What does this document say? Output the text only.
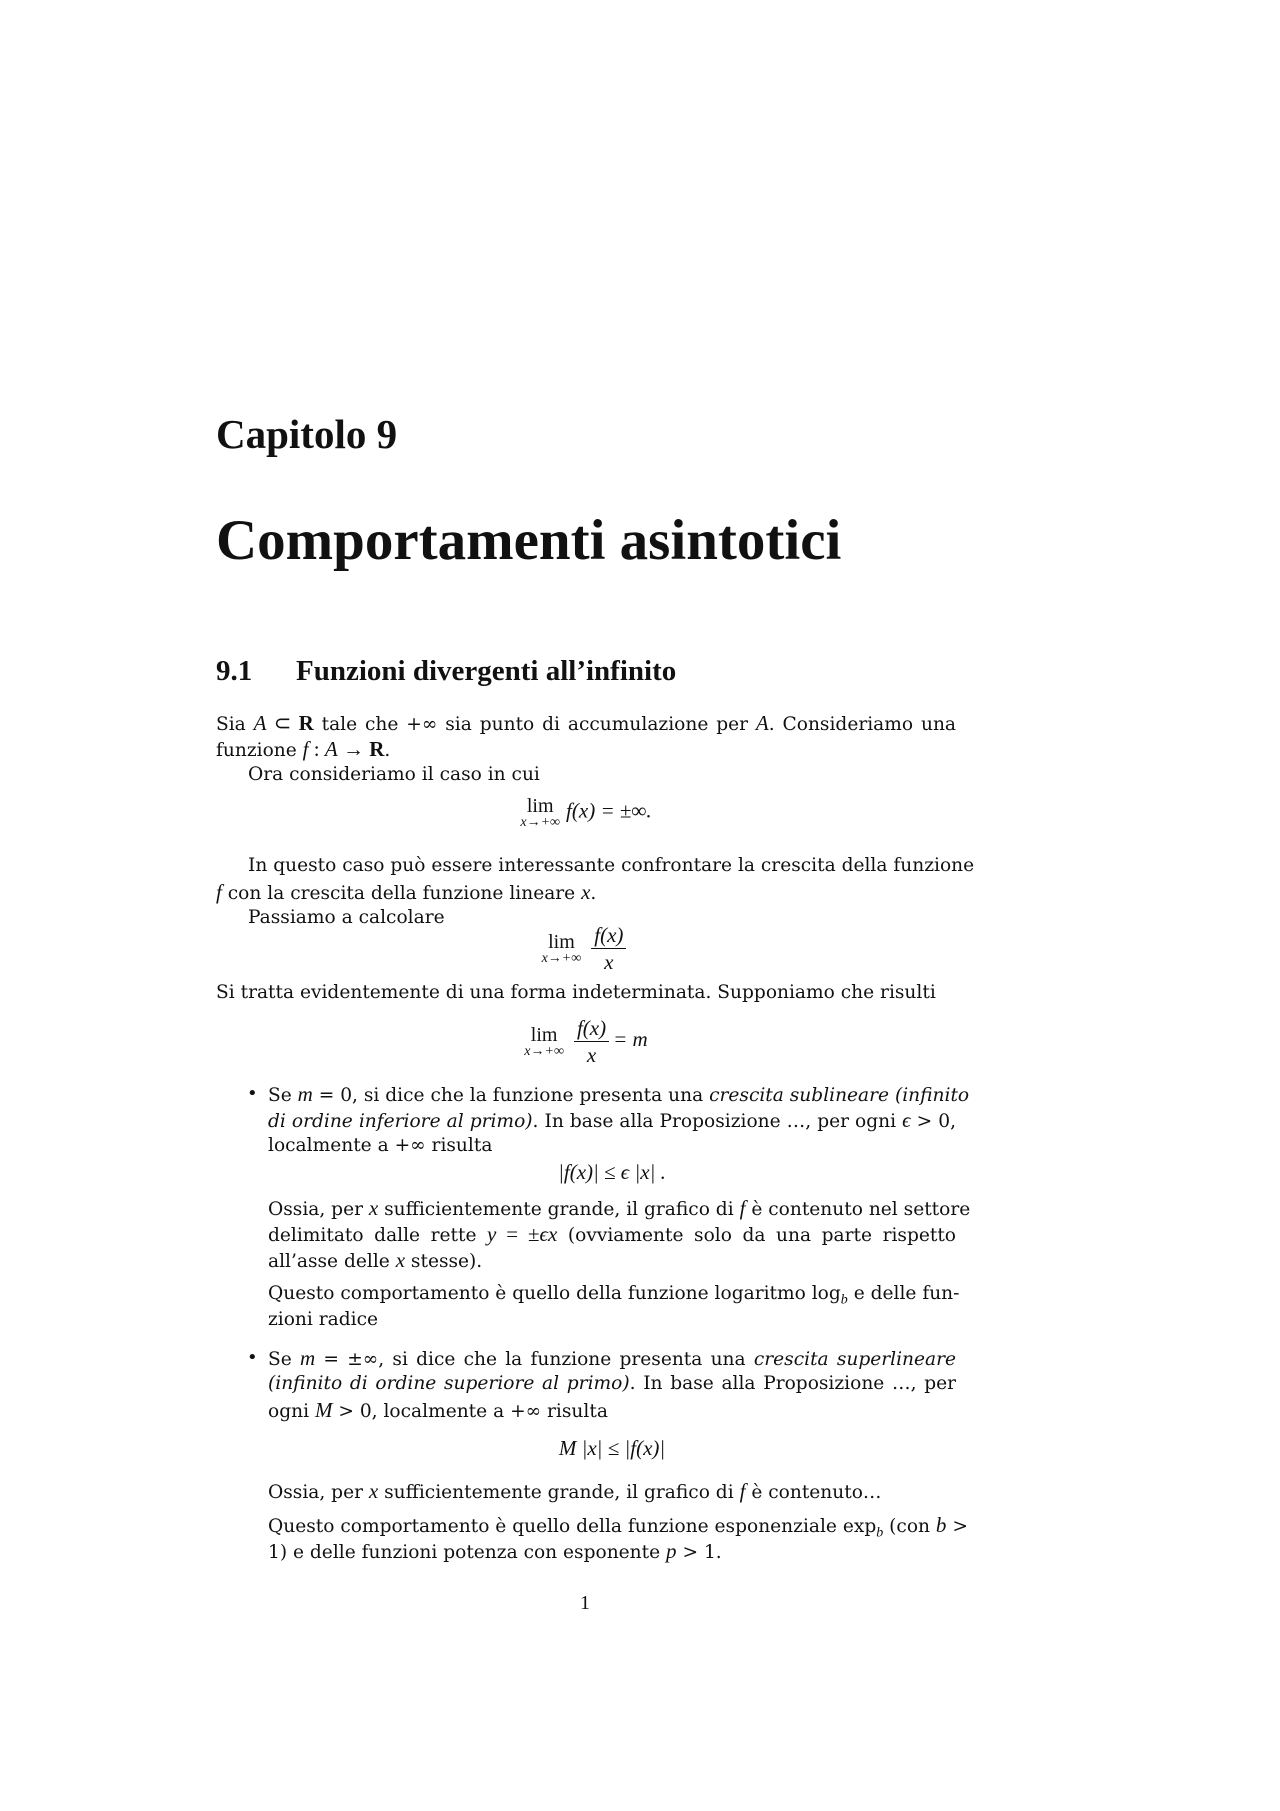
Capitolo 9
Comportamenti asintotici
9.1 Funzioni divergenti all’infinito
Sia A ⊂ R tale che +∞ sia punto di accumulazione per A. Consideriamo una
funzione f : A → R.
Ora consideriamo il caso in cui
lim
x→+∞ f(x) = ±∞.
In questo caso può essere interessante confrontare la crescita della funzione
f con la crescita della funzione lineare x.
Passiamo a calcolare
lim
$x\to+\infty \frac{f(x)}{x}$
Si tratta evidentemente di una forma indeterminata. Supponiamo che risulti
lim
$x\to+\infty \frac{f(x)}{x} = m$
• Se m = 0, si dice che la funzione presenta una crescita sublineare (infinito
di ordine inferiore al primo). In base alla Proposizione …, per ogni ϵ > 0,
localmente a +∞ risulta
|f(x)| ≤ ϵ |x| .
Ossia, per x sufficientemente grande, il grafico di f è contenuto nel settore
delimitato dalle rette y = ±ϵx (ovviamente solo da una parte rispetto
all’asse delle x stesse).
Questo comportamento è quello della funzione logaritmo $\log_b e$ delle fun-
zioni radice
• Se m = ±∞, si dice che la funzione presenta una crescita superlineare
(infinito di ordine superiore al primo). In base alla Proposizione …, per
ogni M > 0, localmente a +∞ risulta
M |x| ≤ |f(x)|
Ossia, per x sufficientemente grande, il grafico di f è contenuto…
Questo comportamento è quello della funzione esponenziale $\exp_b (con$ b >
1) e delle funzioni potenza con esponente p > 1.
1
